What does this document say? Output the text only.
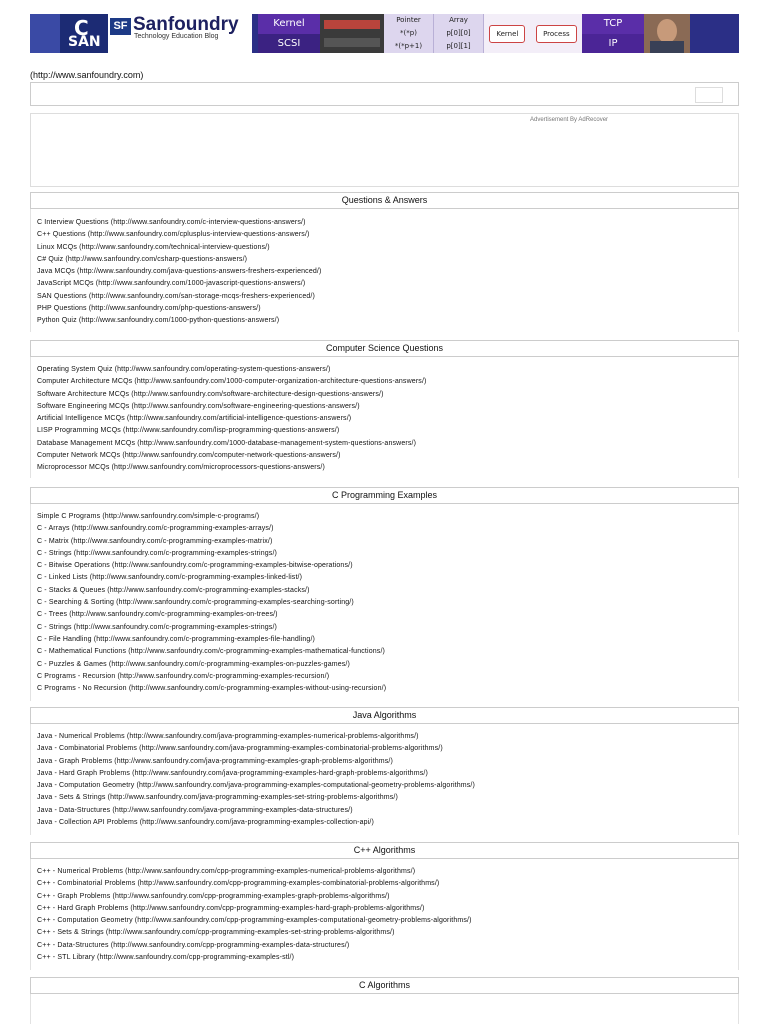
C
SAN
SF Sanfoundry
Technology Education Blog
Kernel
SCSI
Pointer	Array
*(*p)	p[0][0]
*(*p+1)	p[0][1]
Kernel	Process
TCP
IP
(http://www.sanfoundry.com)
Advertisement By AdRecover
Questions & Answers
C Interview Questions (http://www.sanfoundry.com/c-interview-questions-answers/)
C++ Questions (http://www.sanfoundry.com/cplusplus-interview-questions-answers/)
Linux MCQs (http://www.sanfoundry.com/technical-interview-questions/)
C# Quiz (http://www.sanfoundry.com/csharp-questions-answers/)
Java MCQs (http://www.sanfoundry.com/java-questions-answers-freshers-experienced/)
JavaScript MCQs (http://www.sanfoundry.com/1000-javascript-questions-answers/)
SAN Questions (http://www.sanfoundry.com/san-storage-mcqs-freshers-experienced/)
PHP Questions (http://www.sanfoundry.com/php-questions-answers/)
Python Quiz (http://www.sanfoundry.com/1000-python-questions-answers/)
Computer Science Questions
Operating System Quiz (http://www.sanfoundry.com/operating-system-questions-answers/)
Computer Architecture MCQs (http://www.sanfoundry.com/1000-computer-organization-architecture-questions-answers/)
Software Architecture MCQs (http://www.sanfoundry.com/software-architecture-design-questions-answers/)
Software Engineering MCQs (http://www.sanfoundry.com/software-engineering-questions-answers/)
Artificial Intelligence MCQs (http://www.sanfoundry.com/artificial-intelligence-questions-answers/)
LISP Programming MCQs (http://www.sanfoundry.com/lisp-programming-questions-answers/)
Database Management MCQs (http://www.sanfoundry.com/1000-database-management-system-questions-answers/)
Computer Network MCQs (http://www.sanfoundry.com/computer-network-questions-answers/)
Microprocessor MCQs (http://www.sanfoundry.com/microprocessors-questions-answers/)
C Programming Examples
Simple C Programs (http://www.sanfoundry.com/simple-c-programs/)
C - Arrays (http://www.sanfoundry.com/c-programming-examples-arrays/)
C - Matrix (http://www.sanfoundry.com/c-programming-examples-matrix/)
C - Strings (http://www.sanfoundry.com/c-programming-examples-strings/)
C - Bitwise Operations (http://www.sanfoundry.com/c-programming-examples-bitwise-operations/)
C - Linked Lists (http://www.sanfoundry.com/c-programming-examples-linked-list/)
C - Stacks & Queues (http://www.sanfoundry.com/c-programming-examples-stacks/)
C - Searching & Sorting (http://www.sanfoundry.com/c-programming-examples-searching-sorting/)
C - Trees (http://www.sanfoundry.com/c-programming-examples-on-trees/)
C - Strings (http://www.sanfoundry.com/c-programming-examples-strings/)
C - File Handling (http://www.sanfoundry.com/c-programming-examples-file-handling/)
C - Mathematical Functions (http://www.sanfoundry.com/c-programming-examples-mathematical-functions/)
C - Puzzles & Games (http://www.sanfoundry.com/c-programming-examples-on-puzzles-games/)
C Programs - Recursion (http://www.sanfoundry.com/c-programming-examples-recursion/)
C Programs - No Recursion (http://www.sanfoundry.com/c-programming-examples-without-using-recursion/)
Java Algorithms
Java - Numerical Problems (http://www.sanfoundry.com/java-programming-examples-numerical-problems-algorithms/)
Java - Combinatorial Problems (http://www.sanfoundry.com/java-programming-examples-combinatorial-problems-algorithms/)
Java - Graph Problems (http://www.sanfoundry.com/java-programming-examples-graph-problems-algorithms/)
Java - Hard Graph Problems (http://www.sanfoundry.com/java-programming-examples-hard-graph-problems-algorithms/)
Java - Computation Geometry (http://www.sanfoundry.com/java-programming-examples-computational-geometry-problems-algorithms/)
Java - Sets & Strings (http://www.sanfoundry.com/java-programming-examples-set-string-problems-algorithms/)
Java - Data-Structures (http://www.sanfoundry.com/java-programming-examples-data-structures/)
Java - Collection API Problems (http://www.sanfoundry.com/java-programming-examples-collection-api/)
C++ Algorithms
C++ - Numerical Problems (http://www.sanfoundry.com/cpp-programming-examples-numerical-problems-algorithms/)
C++ - Combinatorial Problems (http://www.sanfoundry.com/cpp-programming-examples-combinatorial-problems-algorithms/)
C++ - Graph Problems (http://www.sanfoundry.com/cpp-programming-examples-graph-problems-algorithms/)
C++ - Hard Graph Problems (http://www.sanfoundry.com/cpp-programming-examples-hard-graph-problems-algorithms/)
C++ - Computation Geometry (http://www.sanfoundry.com/cpp-programming-examples-computational-geometry-problems-algorithms/)
C++ - Sets & Strings (http://www.sanfoundry.com/cpp-programming-examples-set-string-problems-algorithms/)
C++ - Data-Structures (http://www.sanfoundry.com/cpp-programming-examples-data-structures/)
C++ - STL Library (http://www.sanfoundry.com/cpp-programming-examples-stl/)
C Algorithms
